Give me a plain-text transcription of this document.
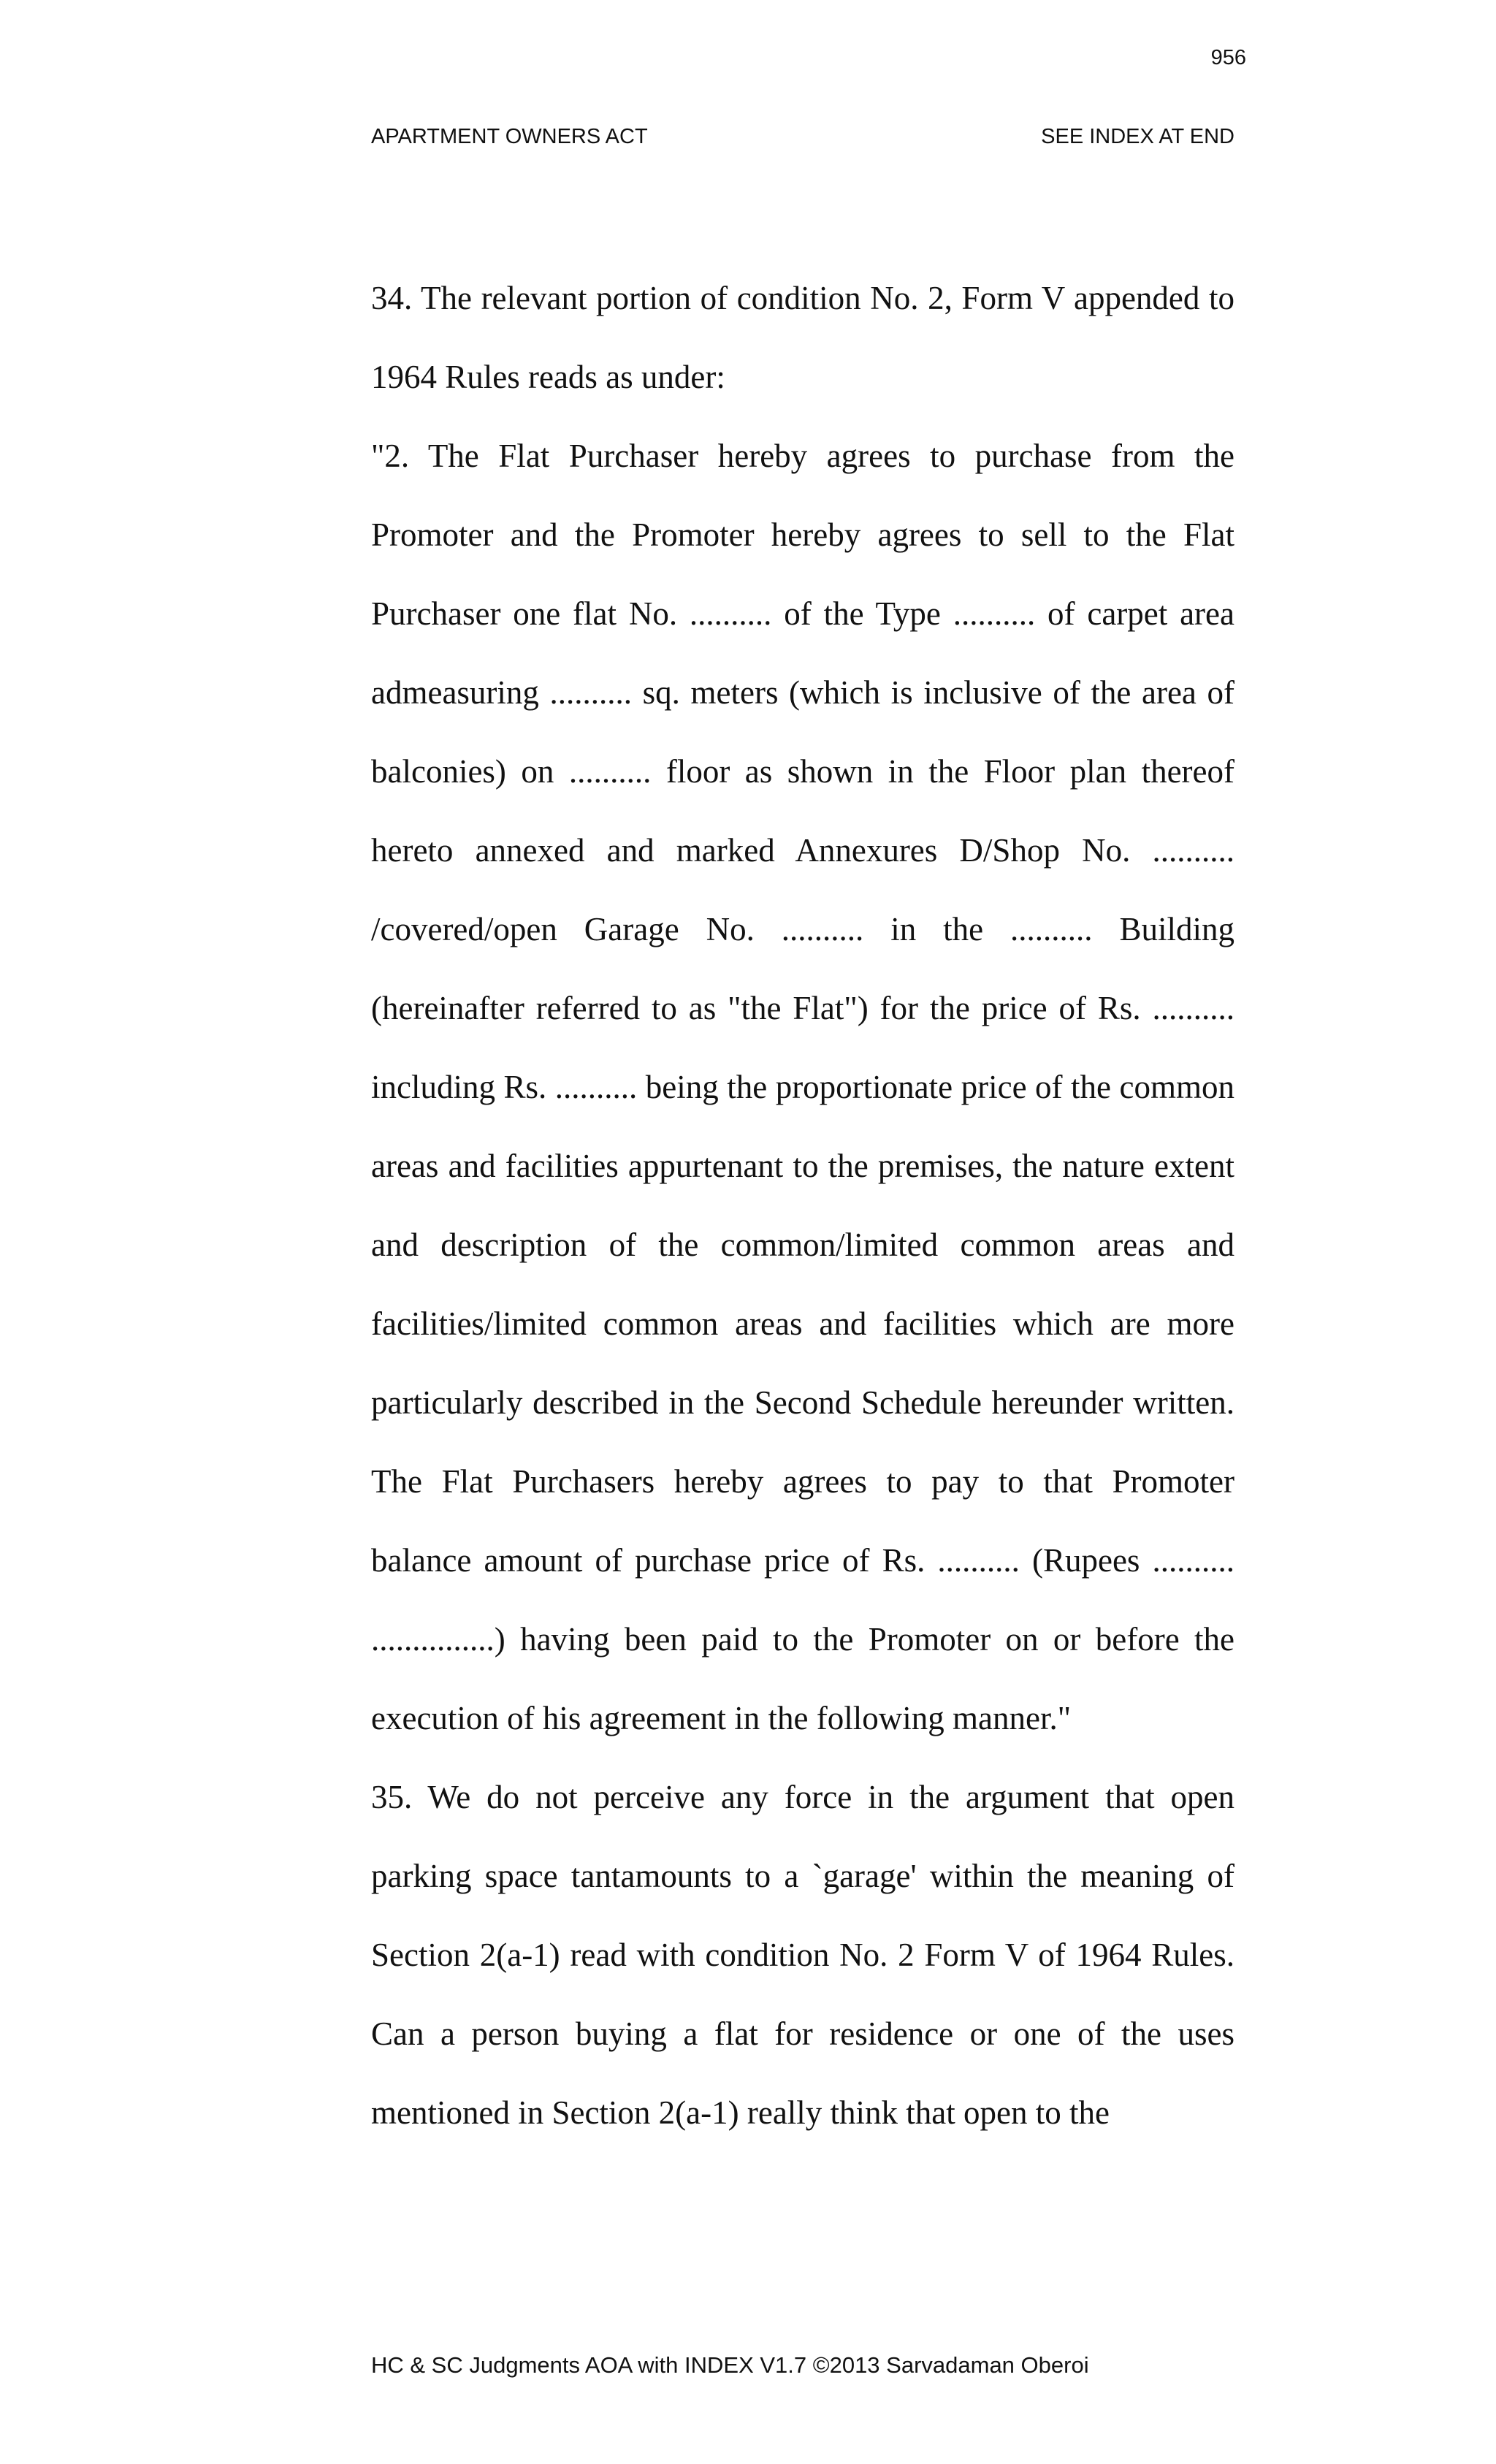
956
APARTMENT OWNERS ACT	SEE INDEX AT END

34. The relevant portion of condition No. 2, Form V appended to 1964 Rules reads as under:

"2. The Flat Purchaser hereby agrees to purchase from the Promoter and the Promoter hereby agrees to sell to the Flat Purchaser one flat No. .......... of the Type .......... of carpet area admeasuring .......... sq. meters (which is inclusive of the area of balconies) on .......... floor as shown in the Floor plan thereof hereto annexed and marked Annexures D/Shop No. .......... /covered/open Garage No. .......... in the .......... Building (hereinafter referred to as "the Flat") for the price of Rs. .......... including Rs. .......... being the proportionate price of the common areas and facilities appurtenant to the premises, the nature extent and description of the common/limited common areas and facilities/limited common areas and facilities which are more particularly described in the Second Schedule hereunder written. The Flat Purchasers hereby agrees to pay to that Promoter balance amount of purchase price of Rs. .......... (Rupees .......... ...............) having been paid to the Promoter on or before the execution of his agreement in the following manner."

35. We do not perceive any force in the argument that open parking space tantamounts to a `garage' within the meaning of Section 2(a-1) read with condition No. 2 Form V of 1964 Rules. Can a person buying a flat for residence or one of the uses mentioned in Section 2(a-1) really think that open to the

HC & SC Judgments AOA with INDEX V1.7 ©2013 Sarvadaman Oberoi
